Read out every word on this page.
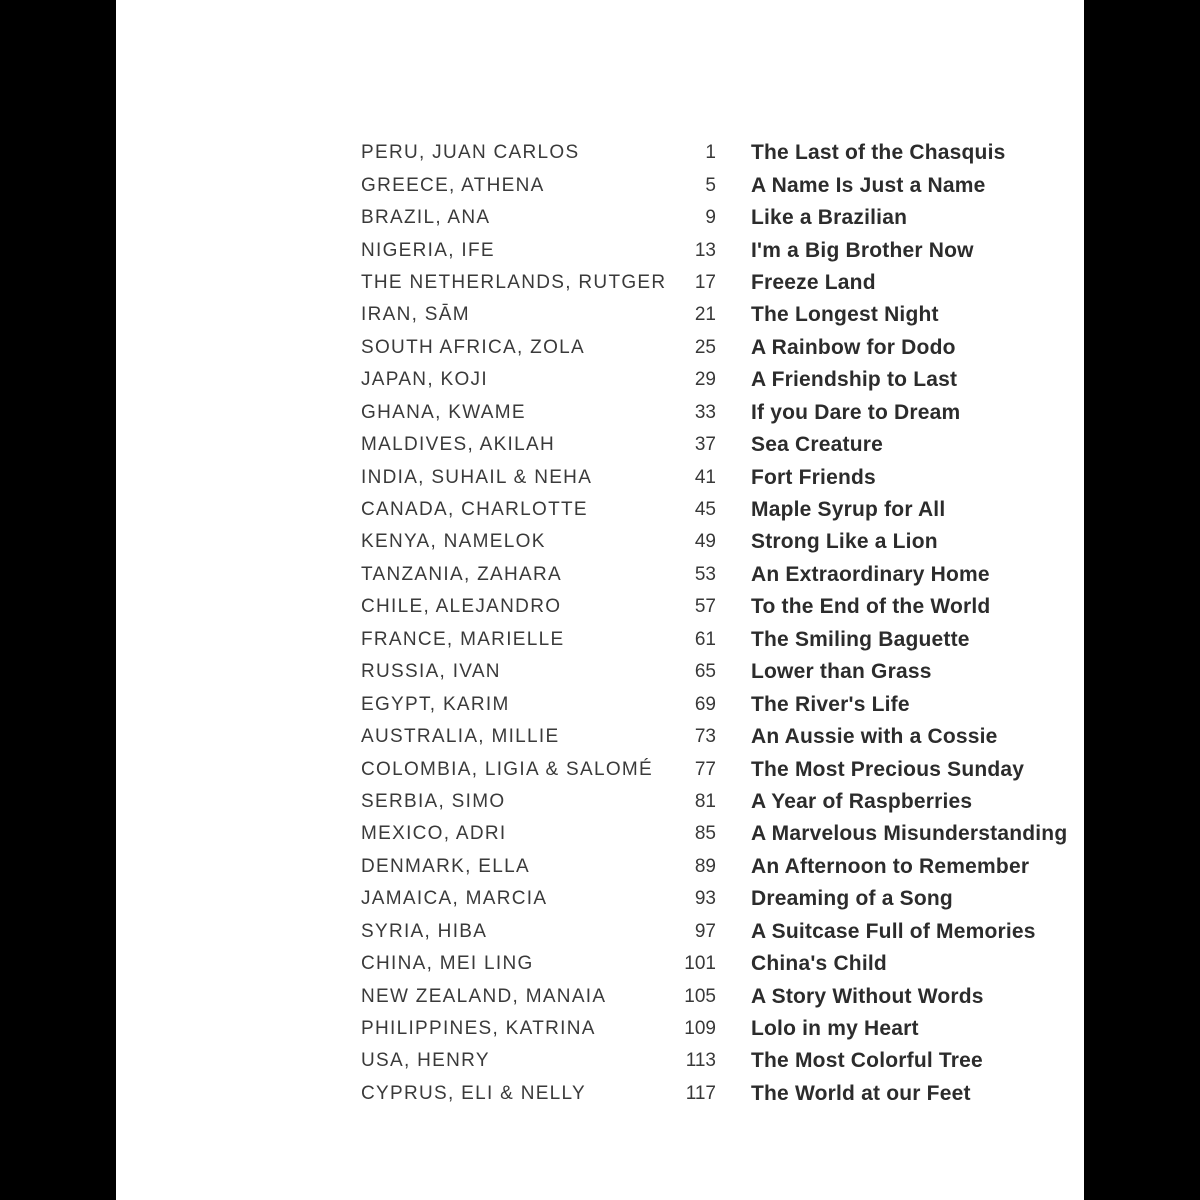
PERU, JUAN CARLOS	1	The Last of the Chasquis
GREECE, ATHENA	5	A Name Is Just a Name
BRAZIL, ANA	9	Like a Brazilian
NIGERIA, IFE	13	I'm a Big Brother Now
THE NETHERLANDS, RUTGER	17	Freeze Land
IRAN, SĀM	21	The Longest Night
SOUTH AFRICA, ZOLA	25	A Rainbow for Dodo
JAPAN, KOJI	29	A Friendship to Last
GHANA, KWAME	33	If you Dare to Dream
MALDIVES, AKILAH	37	Sea Creature
INDIA, SUHAIL & NEHA	41	Fort Friends
CANADA, CHARLOTTE	45	Maple Syrup for All
KENYA, NAMELOK	49	Strong Like a Lion
TANZANIA, ZAHARA	53	An Extraordinary Home
CHILE, ALEJANDRO	57	To the End of the World
FRANCE, MARIELLE	61	The Smiling Baguette
RUSSIA, IVAN	65	Lower than Grass
EGYPT, KARIM	69	The River's Life
AUSTRALIA, MILLIE	73	An Aussie with a Cossie
COLOMBIA, LIGIA & SALOMÉ	77	The Most Precious Sunday
SERBIA, SIMO	81	A Year of Raspberries
MEXICO, ADRI	85	A Marvelous Misunderstanding
DENMARK, ELLA	89	An Afternoon to Remember
JAMAICA, MARCIA	93	Dreaming of a Song
SYRIA, HIBA	97	A Suitcase Full of Memories
CHINA, MEI LING	101	China's Child
NEW ZEALAND, MANAIA	105	A Story Without Words
PHILIPPINES, KATRINA	109	Lolo in my Heart
USA, HENRY	113	The Most Colorful Tree
CYPRUS, ELI & NELLY	117	The World at our Feet
